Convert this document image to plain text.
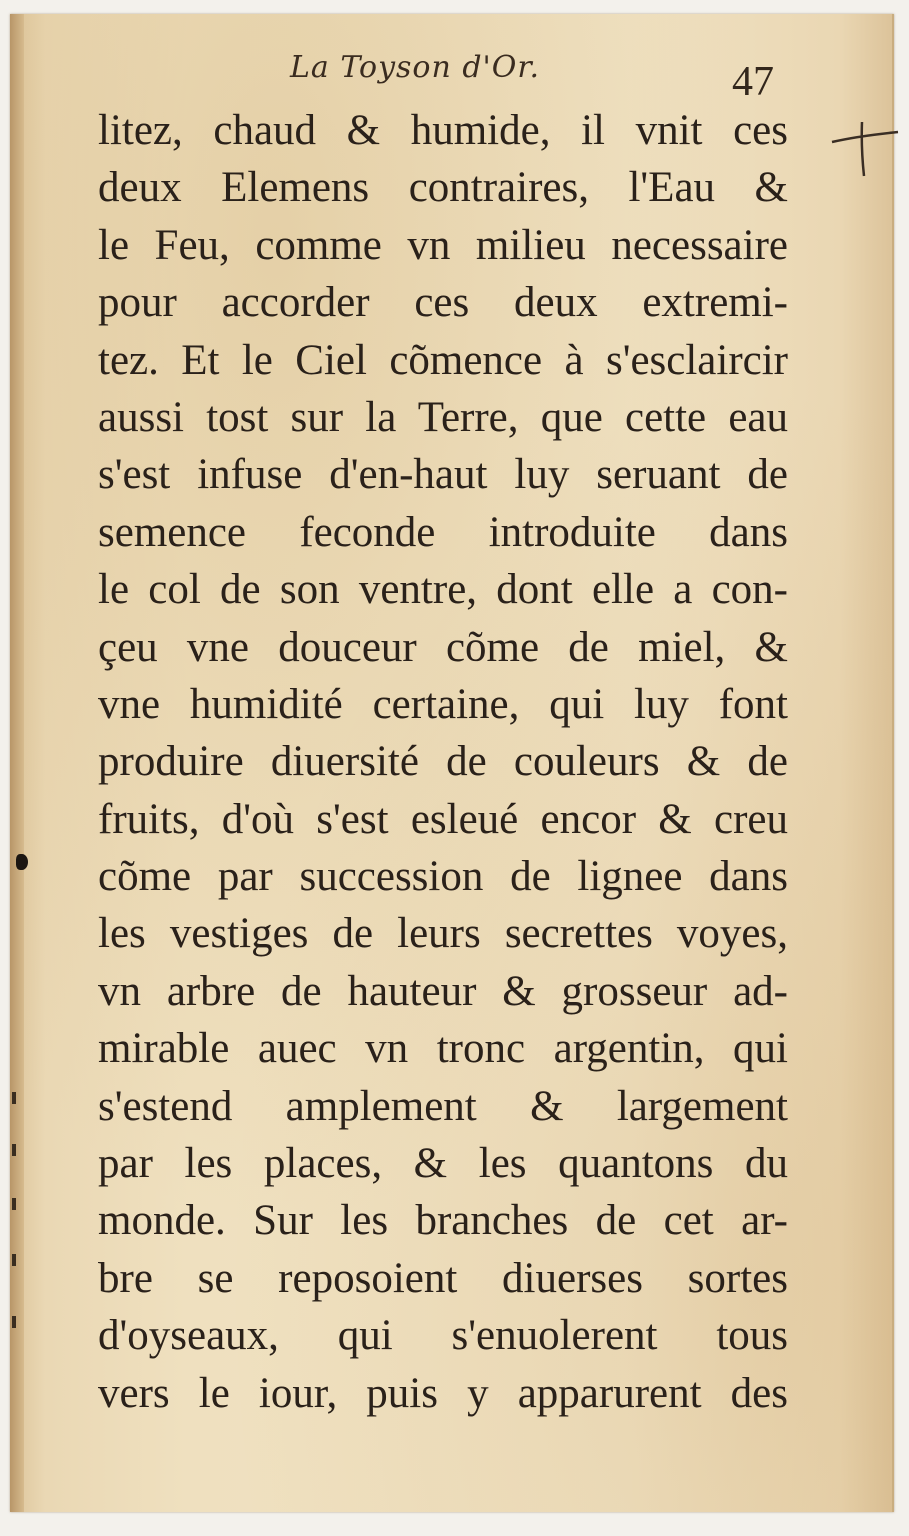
La Toyson d'Or.	47
litez, chaud & humide, il vnit ces
deux Elemens contraires, l'Eau &
le Feu, comme vn milieu necessaire
pour accorder ces deux extremi-
tez. Et le Ciel cõmence à s'esclaircir
aussi tost sur la Terre, que cette eau
s'est infuse d'en-haut luy seruant de
semence feconde introduite dans
le col de son ventre, dont elle a con-
çeu vne douceur cõme de miel, &
vne humidité certaine, qui luy font
produire diuersité de couleurs & de
fruits, d'où s'est esleué encor & creu
cõme par succession de lignee dans
les vestiges de leurs secrettes voyes,
vn arbre de hauteur & grosseur ad-
mirable auec vn tronc argentin, qui
s'estend amplement & largement
par les places, & les quantons du
monde. Sur les branches de cet ar-
bre se reposoient diuerses sortes
d'oyseaux, qui s'enuolerent tous
vers le iour, puis y apparurent des
